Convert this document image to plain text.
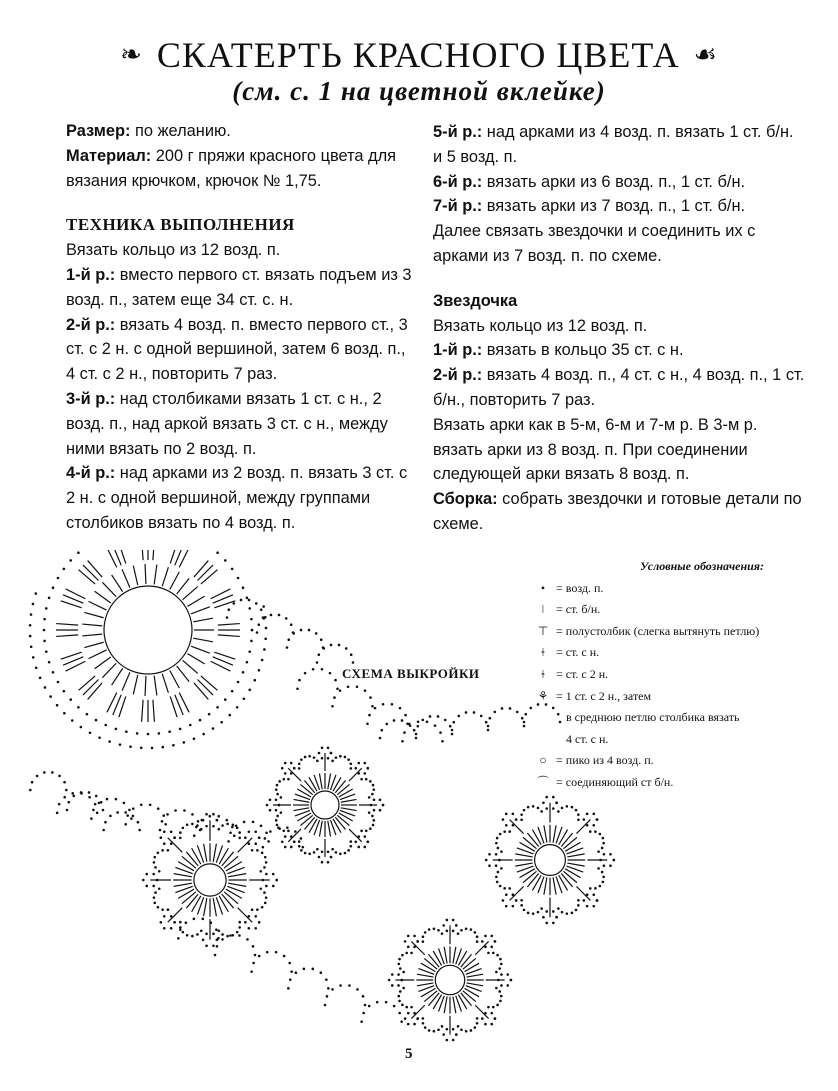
❧ СКАТЕРТЬ КРАСНОГО ЦВЕТА ☙
(см. с. 1 на цветной вклейке)

Размер: по желанию.

Материал: 200 г пряжи красного цвета для вязания крючком, крючок № 1,75.

ТЕХНИКА ВЫПОЛНЕНИЯ

Вязать кольцо из 12 возд. п.

1-й р.: вместо первого ст. вязать подъем из 3 возд. п., затем еще 34 ст. с. н.

2-й р.: вязать 4 возд. п. вместо первого ст., 3 ст. с 2 н. с одной вершиной, затем 6 возд. п., 4 ст. с 2 н., повторить 7 раз.

3-й р.: над столбиками вязать 1 ст. с н., 2 возд. п., над аркой вязать 3 ст. с н., между ними вязать по 2 возд. п.

4-й р.: над арками из 2 возд. п. вязать 3 ст. с 2 н. с одной вершиной, между группами столбиков вязать по 4 возд. п.

5-й р.: над арками из 4 возд. п. вязать 1 ст. б/н. и 5 возд. п.

6-й р.: вязать арки из 6 возд. п., 1 ст. б/н.

7-й р.: вязать арки из 7 возд. п., 1 ст. б/н.

Далее связать звездочки и соединить их с арками из 7 возд. п. по схеме.

Звездочка

Вязать кольцо из 12 возд. п.

1-й р.: вязать в кольцо 35 ст. с н.

2-й р.: вязать 4 возд. п., 4 ст. с н., 4 возд. п., 1 ст. б/н., повторить 7 раз.

Вязать арки как в 5-м, 6-м и 7-м р. В 3-м р. вязать арки из 8 возд. п. При соединении следующей арки вязать 8 возд. п.

Сборка: собрать звездочки и готовые детали по схеме.

СХЕМА ВЫКРОЙКИ
Условные обозначения:
• = возд. п.
ǀ = ст. б/н.
⊤ = полустолбик (слегка вытянуть петлю)
ǂ = ст. с н.
ǂ = ст. с 2 н.
⚘ = 1 ст. с 2 н., затем
в среднюю петлю столбика вязать
4 ст. с н.
○ = пико из 4 возд. п.
⌒ = соединяющий ст б/н.
5
